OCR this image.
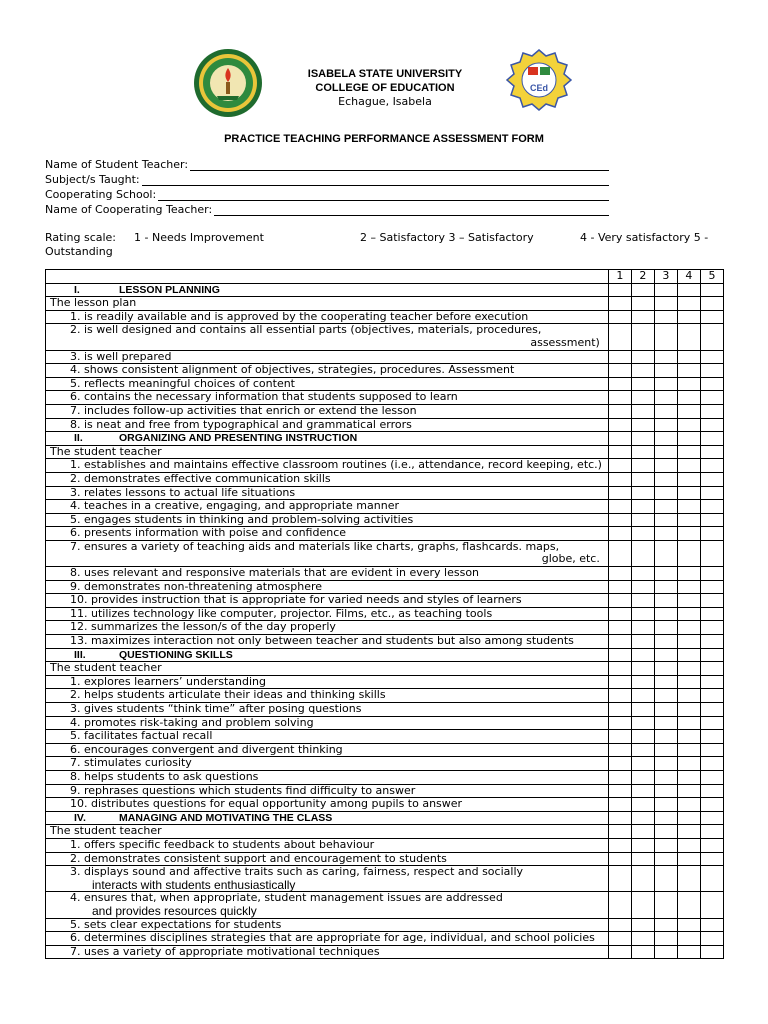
CEd
ISABELA STATE UNIVERSITY
COLLEGE OF EDUCATION
Echague, Isabela
PRACTICE TEACHING PERFORMANCE ASSESSMENT FORM
Name of Student Teacher:
Subject/s Taught:
Cooperating School:
Name of Cooperating Teacher:
Rating scale: 1 - Needs Improvement	2 – Satisfactory 3 – Satisfactory	4 - Very satisfactory 5 -
Outstanding
	1	2	3	4	5
I. LESSON PLANNING					
The lesson plan					
1. is readily available and is approved by the cooperating teacher before execution					
2. is well designed and contains all essential parts (objectives, materials, procedures,
assessment)					

3. is well prepared					
4. shows consistent alignment of objectives, strategies, procedures. Assessment					
5. reflects meaningful choices of content					
6. contains the necessary information that students supposed to learn					
7. includes follow-up activities that enrich or extend the lesson					
8. is neat and free from typographical and grammatical errors					
II. ORGANIZING AND PRESENTING INSTRUCTION					
The student teacher					
1. establishes and maintains effective classroom routines (i.e., attendance, record keeping, etc.)					
2. demonstrates effective communication skills					
3. relates lessons to actual life situations					
4. teaches in a creative, engaging, and appropriate manner					
5. engages students in thinking and problem-solving activities					
6. presents information with poise and confidence					
7. ensures a variety of teaching aids and materials like charts, graphs, flashcards. maps,
globe, etc.					

8. uses relevant and responsive materials that are evident in every lesson					
9. demonstrates non-threatening atmosphere					
10. provides instruction that is appropriate for varied needs and styles of learners					
11. utilizes technology like computer, projector. Films, etc., as teaching tools					
12. summarizes the lesson/s of the day properly					
13. maximizes interaction not only between teacher and students but also among students					
III. QUESTIONING SKILLS					
The student teacher					
1. explores learners’ understanding					
2. helps students articulate their ideas and thinking skills					
3. gives students “think time” after posing questions					
4. promotes risk-taking and problem solving					
5. facilitates factual recall					
6. encourages convergent and divergent thinking					
7. stimulates curiosity					
8. helps students to ask questions					
9. rephrases questions which students find difficulty to answer					
10. distributes questions for equal opportunity among pupils to answer					
IV. MANAGING AND MOTIVATING THE CLASS					
The student teacher					
1. offers specific feedback to students about behaviour					
2. demonstrates consistent support and encouragement to students					
3. displays sound and affective traits such as caring, fairness, respect and socially
interacts with students enthusiastically					

4. ensures that, when appropriate, student management issues are addressed
and provides resources quickly					

5. sets clear expectations for students					
6. determines disciplines strategies that are appropriate for age, individual, and school policies					
7. uses a variety of appropriate motivational techniques					
